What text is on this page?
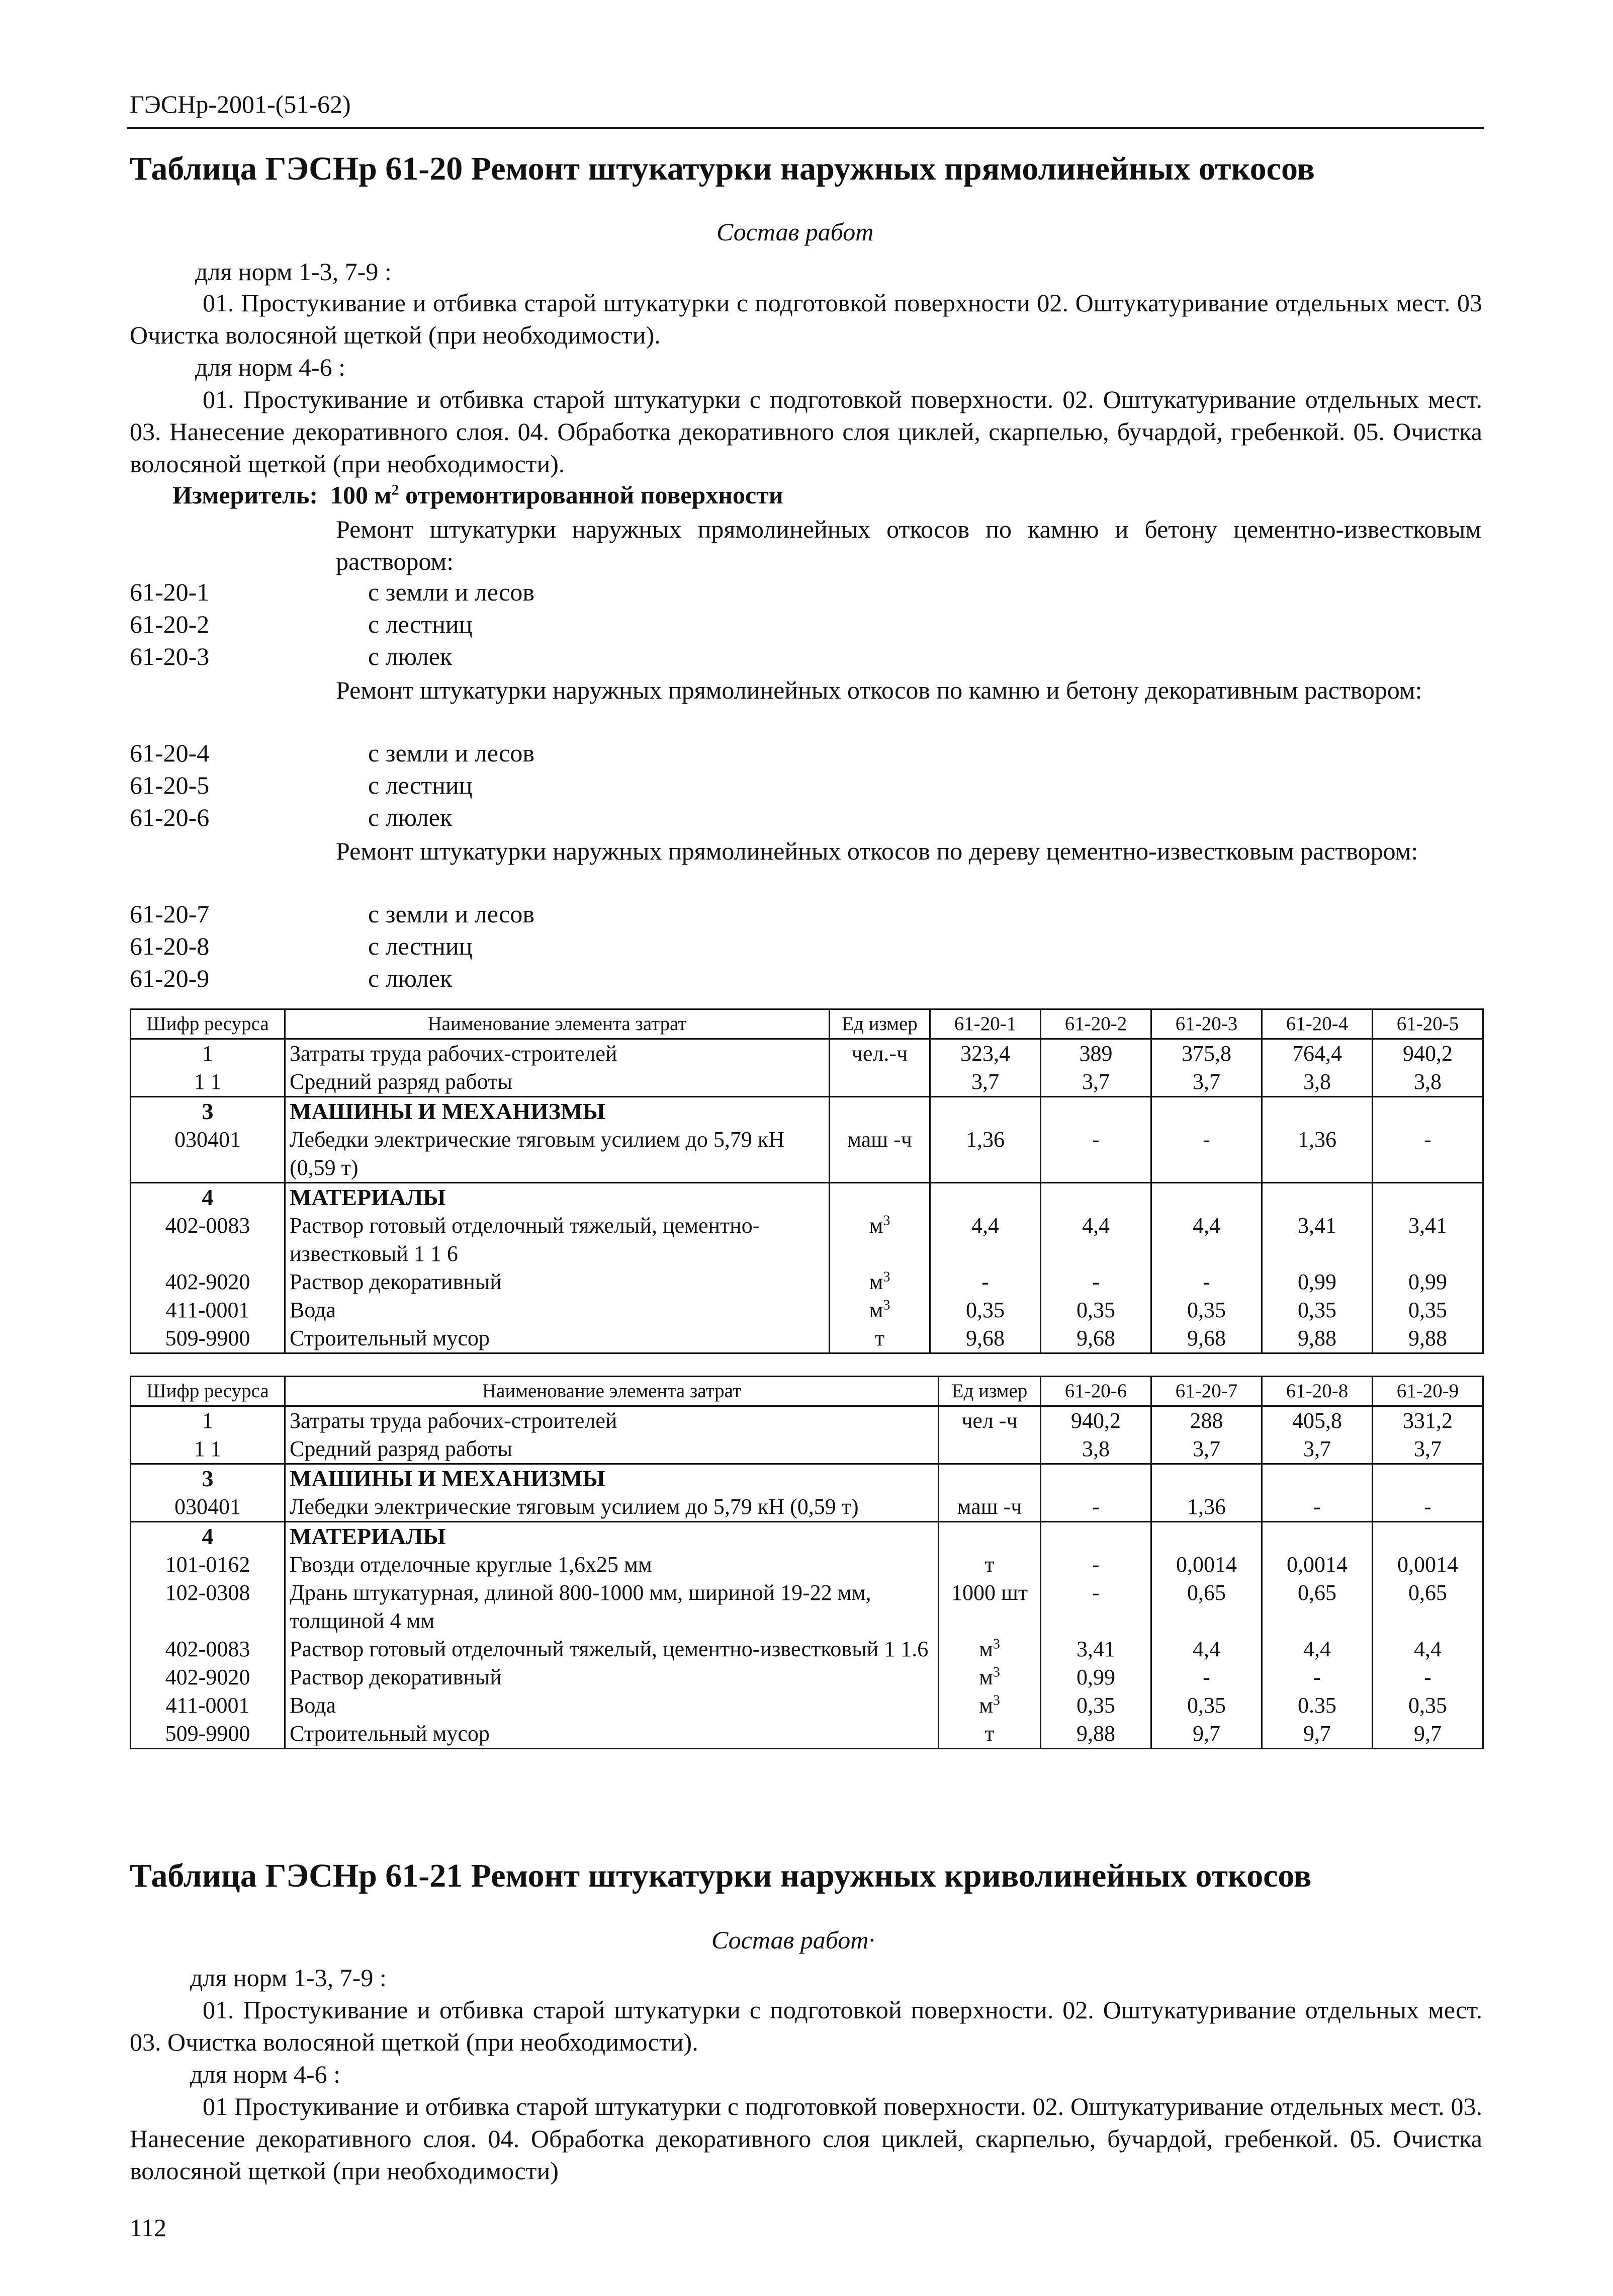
ГЭСНр-2001-(51-62)
Таблица ГЭСНр 61-20 Ремонт штукатурки наружных прямолинейных откосов
Состав работ
для норм 1-3, 7-9 :
01. Простукивание и отбивка старой штукатурки с подготовкой поверхности 02. Оштукатуривание отдельных мест. 03 Очистка волосяной щеткой (при необходимости).
для норм 4-6 :
01. Простукивание и отбивка старой штукатурки с подготовкой поверхности. 02. Оштукатуривание отдельных мест. 03. Нанесение декоративного слоя. 04. Обработка декоративного слоя циклей, скарпелью, бучардой, гребенкой. 05. Очистка волосяной щеткой (при необходимости).
Измеритель: 100 $м^2$ отремонтированной поверхности
Ремонт штукатурки наружных прямолинейных откосов по камню и бетону цементно-известковым раствором:
61-20-1	с земли и лесов
61-20-2	с лестниц
61-20-3	с люлек
Ремонт штукатурки наружных прямолинейных откосов по камню и бетону декоративным раствором:
61-20-4	с земли и лесов
61-20-5	с лестниц
61-20-6	с люлек
Ремонт штукатурки наружных прямолинейных откосов по дереву цементно-известковым раствором:
61-20-7	с земли и лесов
61-20-8	с лестниц
61-20-9	с люлек
Шифр ресурса	Наименование элемента затрат	Ед измер	61-20-1	61-20-2	61-20-3	61-20-4	61-20-5
1	Затраты труда рабочих-строителей	чел.-ч	323,4	389	375,8	764,4	940,2
1 1	Средний разряд работы		3,7	3,7	3,7	3,8	3,8
3	МАШИНЫ И МЕХАНИЗМЫ						
030401	Лебедки электрические тяговым усилием до 5,79 кН (0,59 т)	маш -ч	1,36	-	-	1,36	-
4	МАТЕРИАЛЫ						
402-0083	Раствор готовый отделочный тяжелый, цементно-известковый 1 1 6	$м^3$	4,4	4,4	4,4	3,41	3,41
402-9020	Раствор декоративный	$м^3$	-	-	-	0,99	0,99
411-0001	Вода	$м^3$	0,35	0,35	0,35	0,35	0,35
509-9900	Строительный мусор	т	9,68	9,68	9,68	9,88	9,88
Шифр ресурса	Наименование элемента затрат	Ед измер	61-20-6	61-20-7	61-20-8	61-20-9
1	Затраты труда рабочих-строителей	чел -ч	940,2	288	405,8	331,2
1 1	Средний разряд работы		3,8	3,7	3,7	3,7
3	МАШИНЫ И МЕХАНИЗМЫ					
030401	Лебедки электрические тяговым усилием до 5,79 кН (0,59 т)	маш -ч	-	1,36	-	-
4	МАТЕРИАЛЫ					
101-0162	Гвозди отделочные круглые 1,6х25 мм	т	-	0,0014	0,0014	0,0014
102-0308	Дрань штукатурная, длиной 800-1000 мм, шириной 19-22 мм, толщиной 4 мм	1000 шт	-	0,65	0,65	0,65
402-0083	Раствор готовый отделочный тяжелый, цементно-известковый 1 1.6	$м^3$	3,41	4,4	4,4	4,4
402-9020	Раствор декоративный	$м^3$	0,99	-	-	-
411-0001	Вода	$м^3$	0,35	0,35	0.35	0,35
509-9900	Строительный мусор	т	9,88	9,7	9,7	9,7
Таблица ГЭСНр 61-21 Ремонт штукатурки наружных криволинейных откосов
Состав работ·
для норм 1-3, 7-9 :
01. Простукивание и отбивка старой штукатурки с подготовкой поверхности. 02. Оштукатуривание отдельных мест. 03. Очистка волосяной щеткой (при необходимости).
для норм 4-6 :
01 Простукивание и отбивка старой штукатурки с подготовкой поверхности. 02. Оштукатуривание отдельных мест. 03. Нанесение декоративного слоя. 04. Обработка декоративного слоя циклей, скарпелью, бучардой, гребенкой. 05. Очистка волосяной щеткой (при необходимости)
112
